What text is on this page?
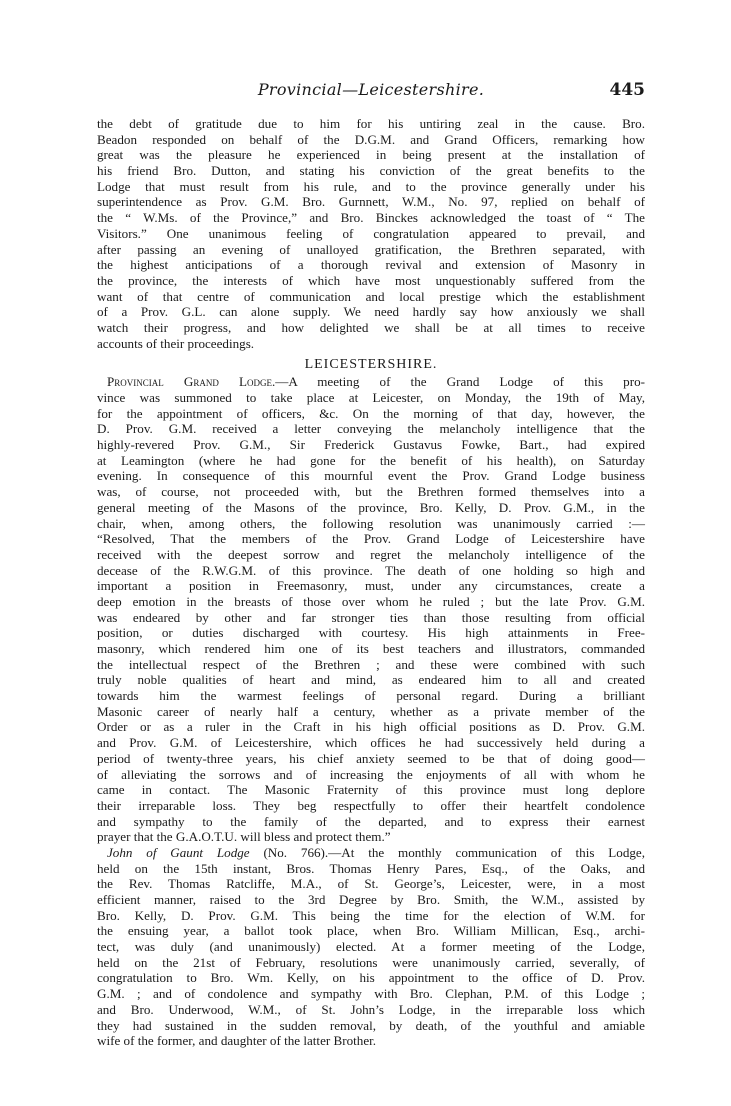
Provincial—Leicestershire.	445
the debt of gratitude due to him for his untiring zeal in the cause. Bro.
Beadon responded on behalf of the D.G.M. and Grand Officers, remarking how
great was the pleasure he experienced in being present at the installation of
his friend Bro. Dutton, and stating his conviction of the great benefits to the
Lodge that must result from his rule, and to the province generally under his
superintendence as Prov. G.M. Bro. Gurnnett, W.M., No. 97, replied on behalf of
the “ W.Ms. of the Province,” and Bro. Binckes acknowledged the toast of “ The
Visitors.” One unanimous feeling of congratulation appeared to prevail, and
after passing an evening of unalloyed gratification, the Brethren separated, with
the highest anticipations of a thorough revival and extension of Masonry in
the province, the interests of which have most unquestionably suffered from the
want of that centre of communication and local prestige which the establishment
of a Prov. G.L. can alone supply. We need hardly say how anxiously we shall
watch their progress, and how delighted we shall be at all times to receive
accounts of their proceedings.
LEICESTERSHIRE.
Provincial Grand Lodge.—A meeting of the Grand Lodge of this pro-
vince was summoned to take place at Leicester, on Monday, the 19th of May,
for the appointment of officers, &c. On the morning of that day, however, the
D. Prov. G.M. received a letter conveying the melancholy intelligence that the
highly-revered Prov. G.M., Sir Frederick Gustavus Fowke, Bart., had expired
at Leamington (where he had gone for the benefit of his health), on Saturday
evening. In consequence of this mournful event the Prov. Grand Lodge business
was, of course, not proceeded with, but the Brethren formed themselves into a
general meeting of the Masons of the province, Bro. Kelly, D. Prov. G.M., in the
chair, when, among others, the following resolution was unanimously carried :—
“Resolved, That the members of the Prov. Grand Lodge of Leicestershire have
received with the deepest sorrow and regret the melancholy intelligence of the
decease of the R.W.G.M. of this province. The death of one holding so high and
important a position in Freemasonry, must, under any circumstances, create a
deep emotion in the breasts of those over whom he ruled ; but the late Prov. G.M.
was endeared by other and far stronger ties than those resulting from official
position, or duties discharged with courtesy. His high attainments in Free-
masonry, which rendered him one of its best teachers and illustrators, commanded
the intellectual respect of the Brethren ; and these were combined with such
truly noble qualities of heart and mind, as endeared him to all and created
towards him the warmest feelings of personal regard. During a brilliant
Masonic career of nearly half a century, whether as a private member of the
Order or as a ruler in the Craft in his high official positions as D. Prov. G.M.
and Prov. G.M. of Leicestershire, which offices he had successively held during a
period of twenty-three years, his chief anxiety seemed to be that of doing good—
of alleviating the sorrows and of increasing the enjoyments of all with whom he
came in contact. The Masonic Fraternity of this province must long deplore
their irreparable loss. They beg respectfully to offer their heartfelt condolence
and sympathy to the family of the departed, and to express their earnest
prayer that the G.A.O.T.U. will bless and protect them.”
John of Gaunt Lodge (No. 766).—At the monthly communication of this Lodge,
held on the 15th instant, Bros. Thomas Henry Pares, Esq., of the Oaks, and
the Rev. Thomas Ratcliffe, M.A., of St. George’s, Leicester, were, in a most
efficient manner, raised to the 3rd Degree by Bro. Smith, the W.M., assisted by
Bro. Kelly, D. Prov. G.M. This being the time for the election of W.M. for
the ensuing year, a ballot took place, when Bro. William Millican, Esq., archi-
tect, was duly (and unanimously) elected. At a former meeting of the Lodge,
held on the 21st of February, resolutions were unanimously carried, severally, of
congratulation to Bro. Wm. Kelly, on his appointment to the office of D. Prov.
G.M. ; and of condolence and sympathy with Bro. Clephan, P.M. of this Lodge ;
and Bro. Underwood, W.M., of St. John’s Lodge, in the irreparable loss which
they had sustained in the sudden removal, by death, of the youthful and amiable
wife of the former, and daughter of the latter Brother.
